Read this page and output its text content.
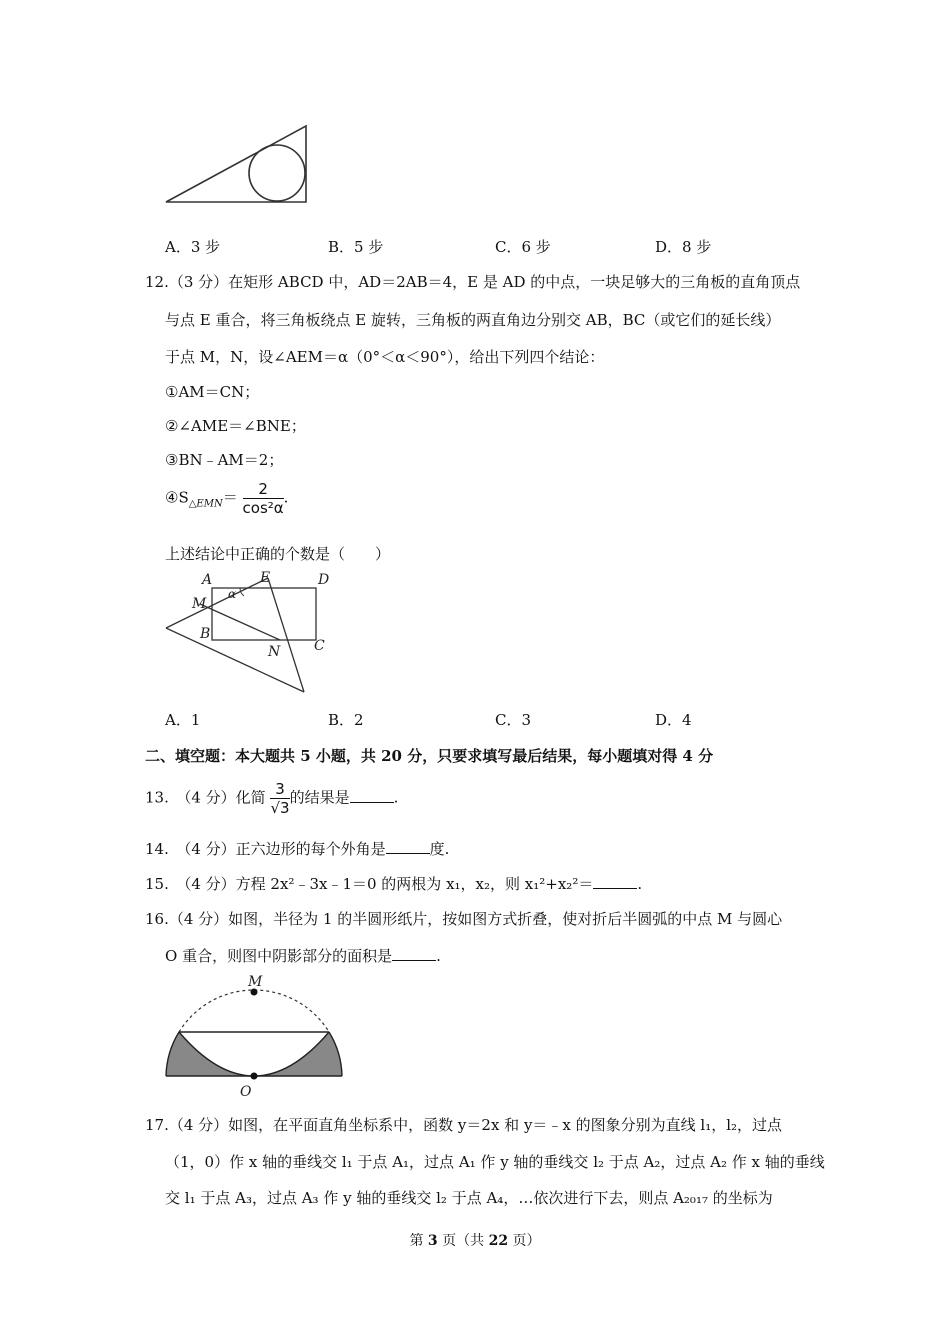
A．3 步	B．5 步	C．6 步	D．8 步
12.（3 分）在矩形 ABCD 中，AD＝2AB＝4，E 是 AD 的中点，一块足够大的三角板的直角顶点
与点 E 重合，将三角板绕点 E 旋转，三角板的两直角边分别交 AB，BC（或它们的延长线）
于点 M，N，设∠AEM＝α（0°＜α＜90°），给出下列四个结论：
①AM＝CN；
②∠AME＝∠BNE；
③BN﹣AM＝2；
$④S_{\triangle EMN}= \frac{2}{\text{cos²α}}$ .
上述结论中正确的个数是（　　）
A	E	D
M
B
N C
α
A．1	B．2	C．3	D．4
二、填空题：本大题共 5 小题，共 20 分，只要求填写最后结果，每小题填对得 4 分
13.　（4 分）化简 $\frac{3}{√3}$ 的结果是	.
14.　（4 分）正六边形的每个外角是	度.
15.　（4 分）方程 2x²﹣3x﹣1＝0 的两根为 x₁，x₂，则 x₁²+x₂²＝	.
16.（4 分）如图，半径为 1 的半圆形纸片，按如图方式折叠，使对折后半圆弧的中点 M 与圆心
O 重合，则图中阴影部分的面积是	.
M
O
17.（4 分）如图，在平面直角坐标系中，函数 y＝2x 和 y＝﹣x 的图象分别为直线 l₁，l₂，过点
（1，0）作 x 轴的垂线交 l₁ 于点 A₁，过点 A₁ 作 y 轴的垂线交 l₂ 于点 A₂，过点 A₂ 作 x 轴的垂线
交 l₁ 于点 A₃，过点 A₃ 作 y 轴的垂线交 l₂ 于点 A₄，…依次进行下去，则点 A₂₀₁₇ 的坐标为
第 3 页（共 22 页）
